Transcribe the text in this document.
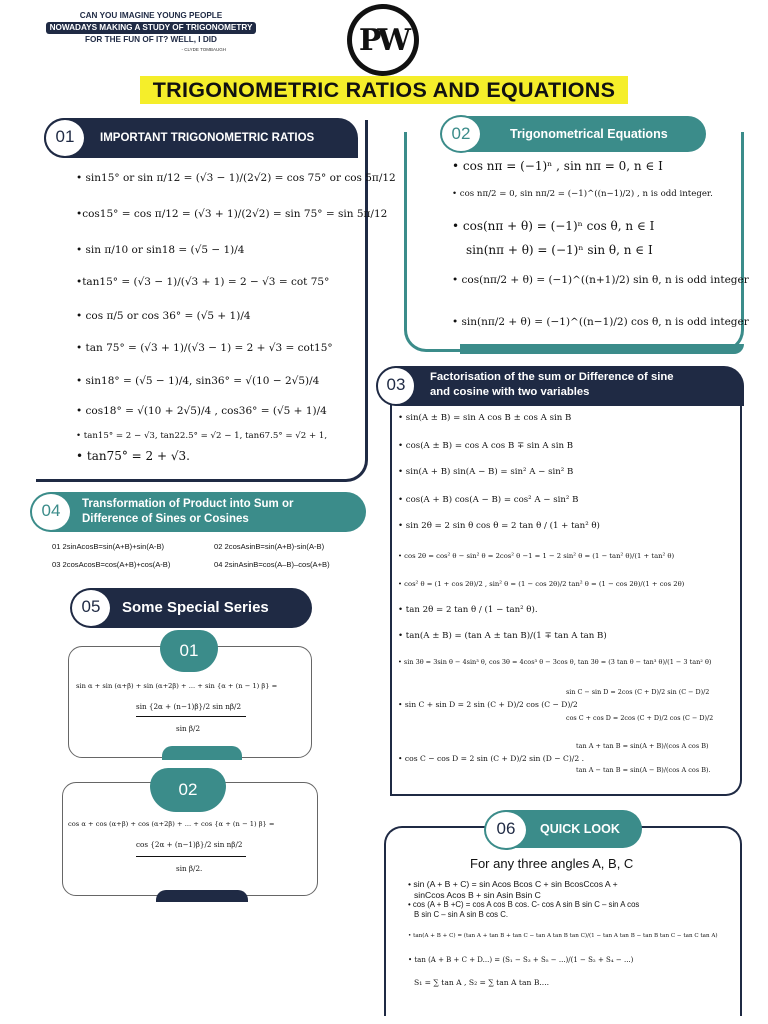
CAN YOU IMAGINE YOUNG PEOPLE
NOWADAYS MAKING A STUDY OF TRIGONOMETRY
FOR THE FUN OF IT? WELL, I DID
- CLYDE TOMBAUGH	PW
TRIGONOMETRIC RATIOS AND EQUATIONS
IMPORTANT TRIGONOMETRIC RATIOS
01
• sin15° or sin π/12 = (√3 − 1)/(2√2) = cos 75° or cos 5π/12
•cos15° = cos π/12 = (√3 + 1)/(2√2) = sin 75° = sin 5π/12
• sin π/10 or sin18 = (√5 − 1)/4
•tan15° = (√3 − 1)/(√3 + 1) = 2 − √3 = cot 75°
• cos π/5 or cos 36° = (√5 + 1)/4
• tan 75° = (√3 + 1)/(√3 − 1) = 2 + √3 = cot15°
• sin18° = (√5 − 1)/4, sin36° = √(10 − 2√5)/4
• cos18° = √(10 + 2√5)/4 , cos36° = (√5 + 1)/4
• tan15° = 2 − √3, tan22.5° = √2 − 1, tan67.5° = √2 + 1,
• tan75° = 2 + √3.
Trigonometrical Equations
02
• cos nπ = (−1)ⁿ , sin nπ = 0, n ∈ I
• cos nπ/2 = 0, sin nπ/2 = (−1)^((n−1)/2) , n is odd integer.
• cos(nπ + θ) = (−1)ⁿ cos θ, n ∈ I
sin(nπ + θ) = (−1)ⁿ sin θ, n ∈ I
• cos(nπ/2 + θ) = (−1)^((n+1)/2) sin θ, n is odd integer
• sin(nπ/2 + θ) = (−1)^((n−1)/2) cos θ, n is odd integer
Factorisation of the sum or Difference of sine
and cosine with two variables
03
• sin(A ± B) = sin A cos B ± cos A sin B
• cos(A ± B) = cos A cos B ∓ sin A sin B
• sin(A + B) sin(A − B) = sin² A − sin² B
• cos(A + B) cos(A − B) = cos² A − sin² B
• sin 2θ = 2 sin θ cos θ = 2 tan θ / (1 + tan² θ)
• cos 2θ = cos² θ − sin² θ = 2cos² θ −1 = 1 − 2 sin² θ = (1 − tan² θ)/(1 + tan² θ)
• cos² θ = (1 + cos 2θ)/2 , sin² θ = (1 − cos 2θ)/2 tan² θ = (1 − cos 2θ)/(1 + cos 2θ)
• tan 2θ = 2 tan θ / (1 − tan² θ).
• tan(A ± B) = (tan A ± tan B)/(1 ∓ tan A tan B)
• sin 3θ = 3sin θ − 4sin³ θ, cos 3θ = 4cos³ θ − 3cos θ, tan 3θ = (3 tan θ − tan³ θ)/(1 − 3 tan² θ)
• sin C + sin D = 2 sin (C + D)/2 cos (C − D)/2
sin C − sin D = 2cos (C + D)/2 sin (C − D)/2
cos C + cos D = 2cos (C + D)/2 cos (C − D)/2
• cos C − cos D = 2 sin (C + D)/2 sin (D − C)/2 .
tan A + tan B = sin(A + B)/(cos A cos B)
tan A − tan B = sin(A − B)/(cos A cos B).
Transformation of Product into Sum or
Difference of Sines or Cosines
04
01 2sinAcosB=sin(A+B)+sin(A-B)	02 2cosAsinB=sin(A+B)-sin(A-B)
03 2cosAcosB=cos(A+B)+cos(A-B)	04 2sinAsinB=cos(A–B)–cos(A+B)
Some Special Series
05
01
sin α + sin (α+β) + sin (α+2β) + ... + sin {α + (n − 1) β} =
sin {2α + (n−1)β}/2 sin nβ/2
sin β/2
02
cos α + cos (α+β) + cos (α+2β) + ... + cos {α + (n − 1) β} =
cos {2α + (n−1)β}/2 sin nβ/2
sin β/2.
QUICK LOOK
06
For any three angles A, B, C
• sin (A + B + C) = sin Acos Bcos C + sin BcosCcos A +
sinCcos Acos B + sin Asin Bsin C
• cos (A + B +C) = cos A cos B cos. C- cos A sin B sin C – sin A cos
B sin C – sin A sin B cos C.
• tan(A + B + C) = (tan A + tan B + tan C − tan A tan B tan C)/(1 − tan A tan B − tan B tan C − tan C tan A)
• tan (A + B + C + D...) = (S₁ − S₃ + S₅ − ...)/(1 − S₂ + S₄ − ...)
S₁ = ∑ tan A , S₂ = ∑ tan A tan B....
